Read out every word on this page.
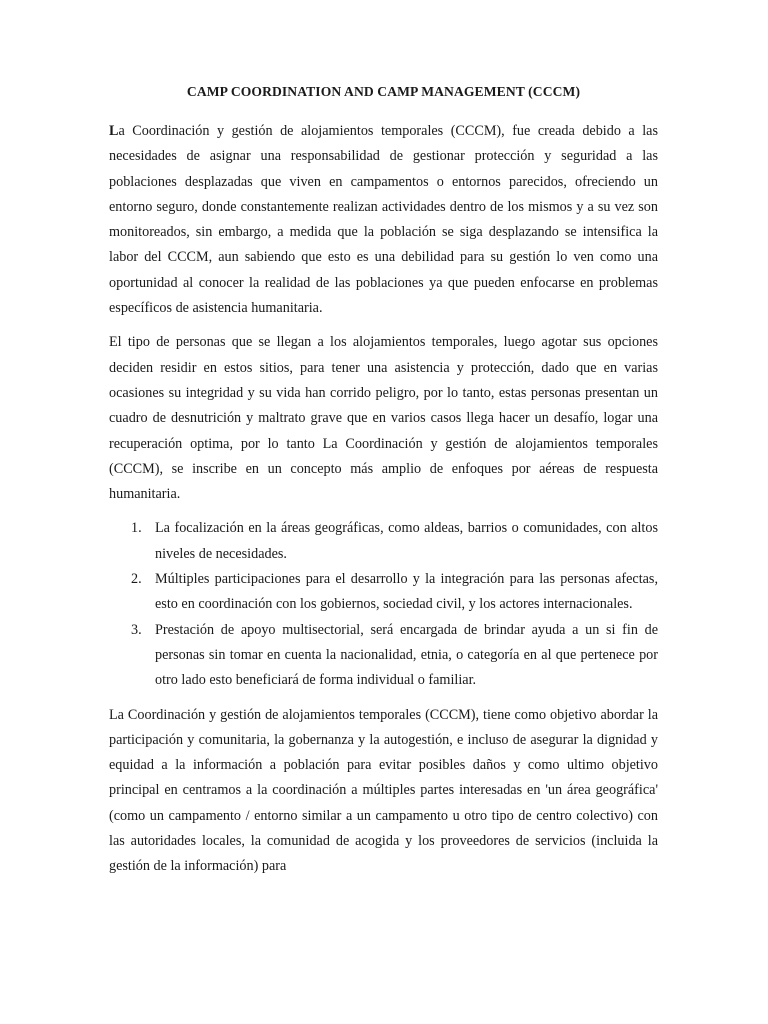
CAMP COORDINATION AND CAMP MANAGEMENT (CCCM)

La Coordinación y gestión de alojamientos temporales (CCCM), fue creada debido a las necesidades de asignar una responsabilidad de gestionar protección y seguridad a las poblaciones desplazadas que viven en campamentos o entornos parecidos, ofreciendo un entorno seguro, donde constantemente realizan actividades dentro de los mismos y a su vez son monitoreados, sin embargo, a medida que la población se siga desplazando se intensifica la labor del CCCM, aun sabiendo que esto es una debilidad para su gestión lo ven como una oportunidad al conocer la realidad de las poblaciones ya que pueden enfocarse en problemas específicos de asistencia humanitaria.

El tipo de personas que se llegan a los alojamientos temporales, luego agotar sus opciones deciden residir en estos sitios, para tener una asistencia y protección, dado que en varias ocasiones su integridad y su vida han corrido peligro, por lo tanto, estas personas presentan un cuadro de desnutrición y maltrato grave que en varios casos llega hacer un desafío, logar una recuperación optima, por lo tanto La Coordinación y gestión de alojamientos temporales (CCCM), se inscribe en un concepto más amplio de enfoques por aéreas de respuesta humanitaria.

1. La focalización en la áreas geográficas, como aldeas, barrios o comunidades, con altos niveles de necesidades.
2. Múltiples participaciones para el desarrollo y la integración para las personas afectas, esto en coordinación con los gobiernos, sociedad civil, y los actores internacionales.
3. Prestación de apoyo multisectorial, será encargada de brindar ayuda a un si fin de personas sin tomar en cuenta la nacionalidad, etnia, o categoría en al que pertenece por otro lado esto beneficiará de forma individual o familiar.

La Coordinación y gestión de alojamientos temporales (CCCM), tiene como objetivo abordar la participación y comunitaria, la gobernanza y la autogestión, e incluso de asegurar la dignidad y equidad a la información a población para evitar posibles daños y como ultimo objetivo principal en centramos a la coordinación a múltiples partes interesadas en 'un área geográfica' (como un campamento / entorno similar a un campamento u otro tipo de centro colectivo) con las autoridades locales, la comunidad de acogida y los proveedores de servicios (incluida la gestión de la información) para
